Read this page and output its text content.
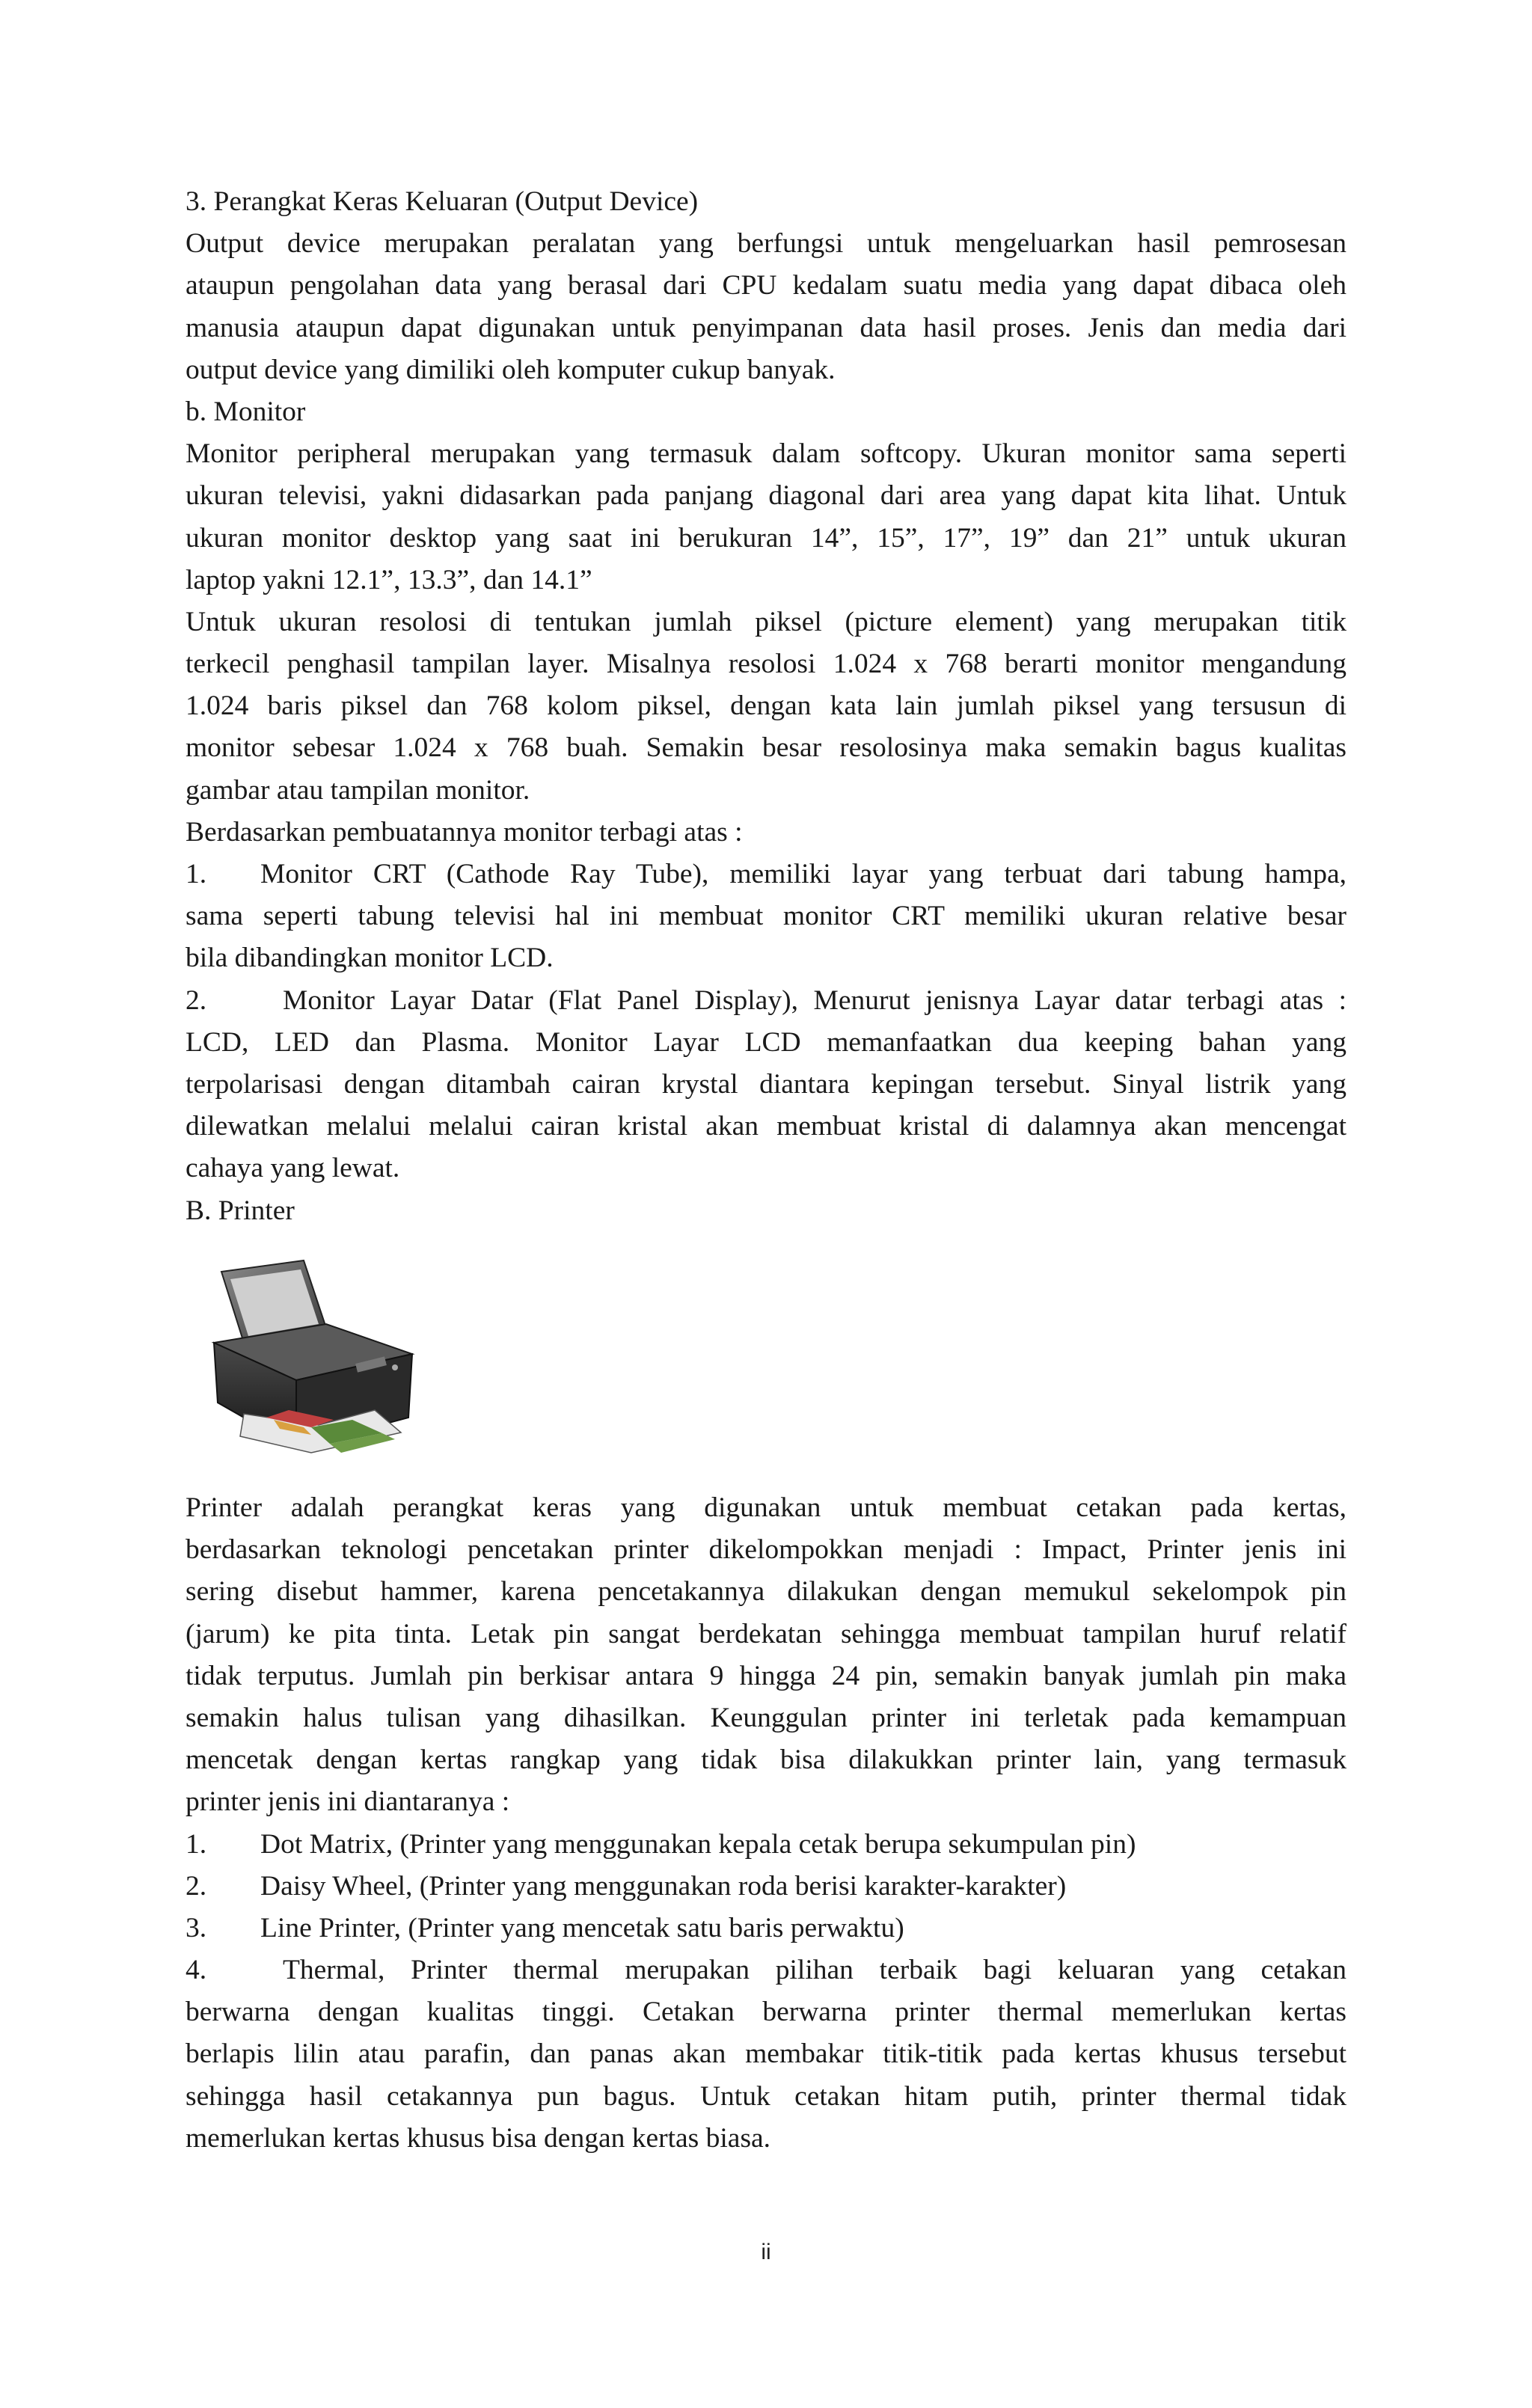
3. Perangkat Keras Keluaran (Output Device)
Output device merupakan peralatan yang berfungsi untuk mengeluarkan hasil pemrosesan
ataupun pengolahan data yang berasal dari CPU kedalam suatu media yang dapat dibaca oleh
manusia ataupun dapat digunakan untuk penyimpanan data hasil proses. Jenis dan media dari
output device yang dimiliki oleh komputer cukup banyak.
b. Monitor
Monitor peripheral merupakan yang termasuk dalam softcopy. Ukuran monitor sama seperti
ukuran televisi, yakni didasarkan pada panjang diagonal dari area yang dapat kita lihat. Untuk
ukuran monitor desktop yang saat ini berukuran 14”, 15”, 17”, 19” dan 21” untuk ukuran
laptop yakni 12.1”, 13.3”, dan 14.1”
Untuk ukuran resolosi di tentukan jumlah piksel (picture element) yang merupakan titik
terkecil penghasil tampilan layer. Misalnya resolosi 1.024 x 768 berarti monitor mengandung
1.024 baris piksel dan 768 kolom piksel, dengan kata lain jumlah piksel yang tersusun di
monitor sebesar 1.024 x 768 buah. Semakin besar resolosinya maka semakin bagus kualitas
gambar atau tampilan monitor.
Berdasarkan pembuatannya monitor terbagi atas :
1. Monitor CRT (Cathode Ray Tube), memiliki layar yang terbuat dari tabung hampa,
sama seperti tabung televisi hal ini membuat monitor CRT memiliki ukuran relative besar
bila dibandingkan monitor LCD.
2.	Monitor Layar Datar (Flat Panel Display), Menurut jenisnya Layar datar terbagi atas :
LCD, LED dan Plasma. Monitor Layar LCD memanfaatkan dua keeping bahan yang
terpolarisasi dengan ditambah cairan krystal diantara kepingan tersebut. Sinyal listrik yang
dilewatkan melalui melalui cairan kristal akan membuat kristal di dalamnya akan mencengat
cahaya yang lewat.
B. Printer
Printer adalah perangkat keras yang digunakan untuk membuat cetakan pada kertas,
berdasarkan teknologi pencetakan printer dikelompokkan menjadi : Impact, Printer jenis ini
sering disebut hammer, karena pencetakannya dilakukan dengan memukul sekelompok pin
(jarum) ke pita tinta. Letak pin sangat berdekatan sehingga membuat tampilan huruf relatif
tidak terputus. Jumlah pin berkisar antara 9 hingga 24 pin, semakin banyak jumlah pin maka
semakin halus tulisan yang dihasilkan. Keunggulan printer ini terletak pada kemampuan
mencetak dengan kertas rangkap yang tidak bisa dilakukkan printer lain, yang termasuk
printer jenis ini diantaranya :
1. Dot Matrix, (Printer yang menggunakan kepala cetak berupa sekumpulan pin)
2. Daisy Wheel, (Printer yang menggunakan roda berisi karakter-karakter)
3. Line Printer, (Printer yang mencetak satu baris perwaktu)
4.	Thermal, Printer thermal merupakan pilihan terbaik bagi keluaran yang cetakan
berwarna dengan kualitas tinggi. Cetakan berwarna printer thermal memerlukan kertas
berlapis lilin atau parafin, dan panas akan membakar titik-titik pada kertas khusus tersebut
sehingga hasil cetakannya pun bagus. Untuk cetakan hitam putih, printer thermal tidak
memerlukan kertas khusus bisa dengan kertas biasa.
ii
